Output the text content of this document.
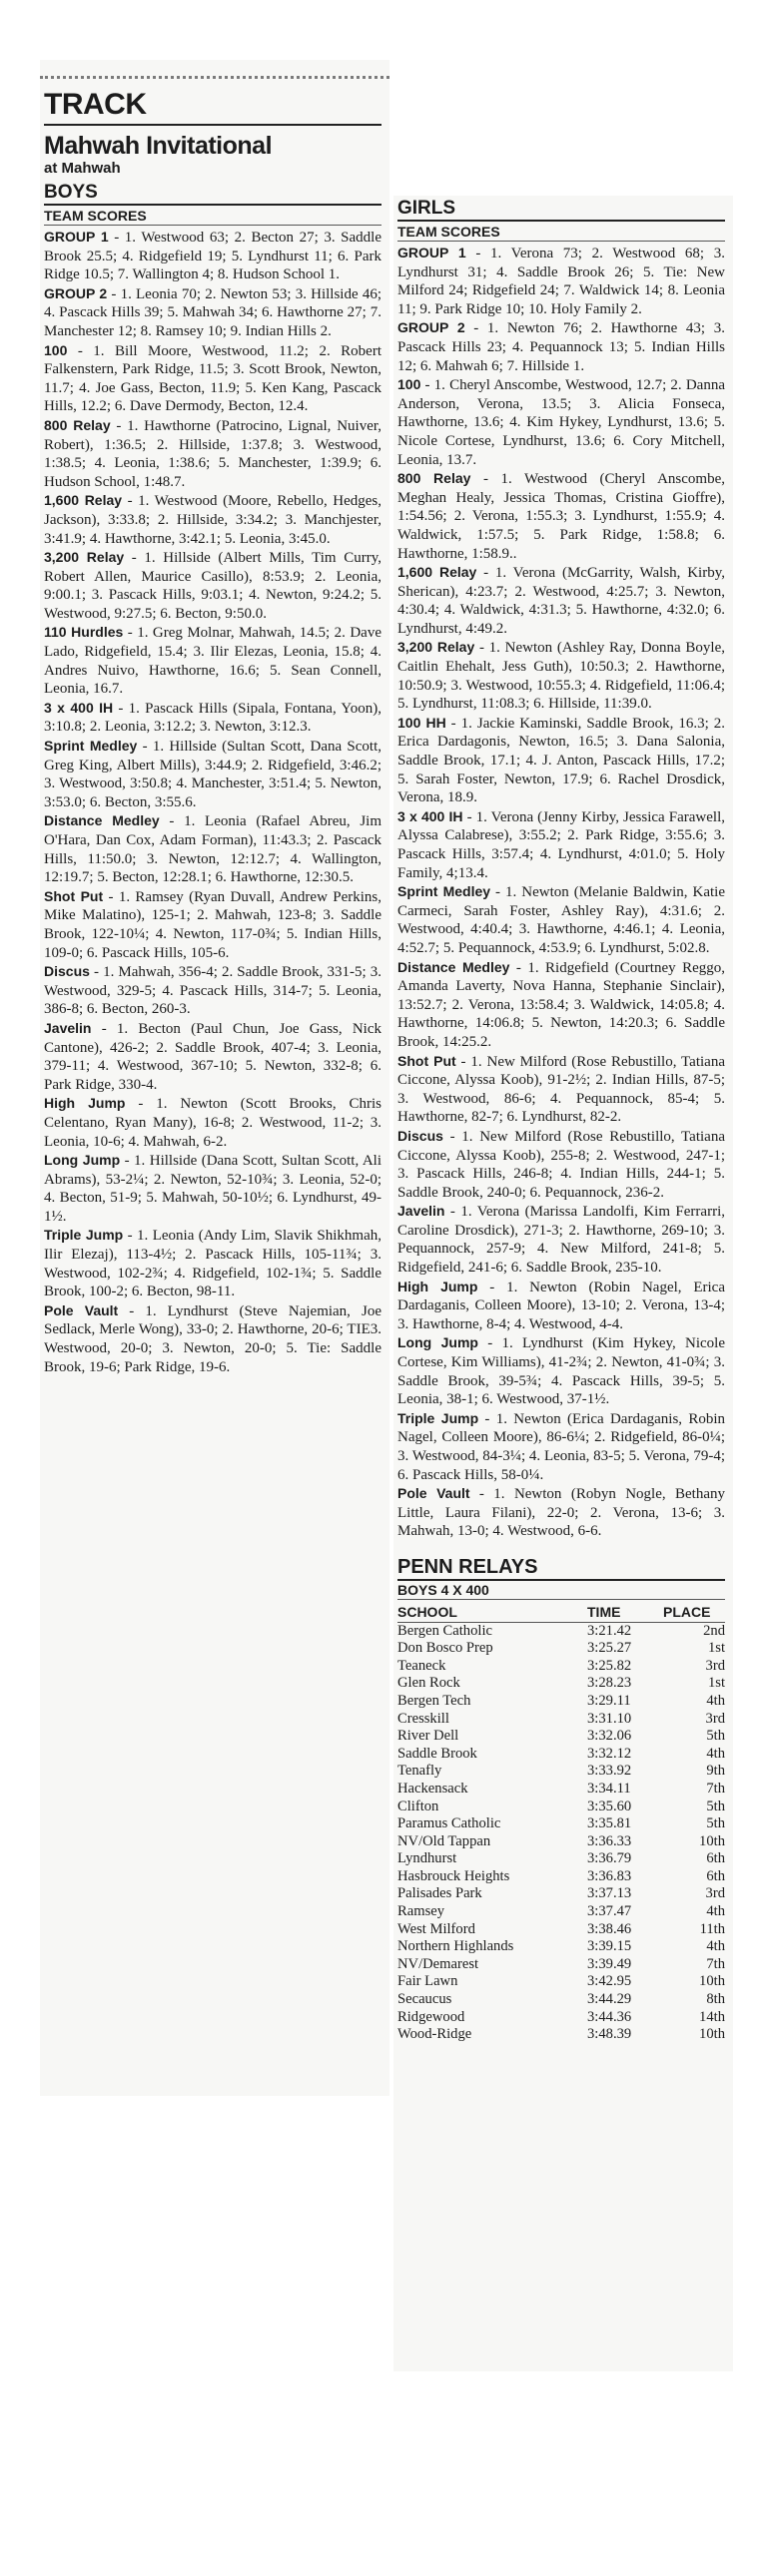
TRACK
Mahwah Invitational
at Mahwah
BOYS
TEAM SCORES

GROUP 1 - 1. Westwood 63; 2. Becton 27; 3. Saddle Brook 25.5; 4. Ridgefield 19; 5. Lyndhurst 11; 6. Park Ridge 10.5; 7. Wallington 4; 8. Hudson School 1.

GROUP 2 - 1. Leonia 70; 2. Newton 53; 3. Hillside 46; 4. Pascack Hills 39; 5. Mahwah 34; 6. Hawthorne 27; 7. Manchester 12; 8. Ramsey 10; 9. Indian Hills 2.

100 - 1. Bill Moore, Westwood, 11.2; 2. Robert Falkenstern, Park Ridge, 11.5; 3. Scott Brook, Newton, 11.7; 4. Joe Gass, Becton, 11.9; 5. Ken Kang, Pascack Hills, 12.2; 6. Dave Dermody, Becton, 12.4.

800 Relay - 1. Hawthorne (Patrocino, Lignal, Nuiver, Robert), 1:36.5; 2. Hillside, 1:37.8; 3. Westwood, 1:38.5; 4. Leonia, 1:38.6; 5. Manchester, 1:39.9; 6. Hudson School, 1:48.7.

1,600 Relay - 1. Westwood (Moore, Rebello, Hedges, Jackson), 3:33.8; 2. Hillside, 3:34.2; 3. Manchjester, 3:41.9; 4. Hawthorne, 3:42.1; 5. Leonia, 3:45.0.

3,200 Relay - 1. Hillside (Albert Mills, Tim Curry, Robert Allen, Maurice Casillo), 8:53.9; 2. Leonia, 9:00.1; 3. Pascack Hills, 9:03.1; 4. Newton, 9:24.2; 5. Westwood, 9:27.5; 6. Becton, 9:50.0.

110 Hurdles - 1. Greg Molnar, Mahwah, 14.5; 2. Dave Lado, Ridgefield, 15.4; 3. Ilir Elezas, Leonia, 15.8; 4. Andres Nuivo, Hawthorne, 16.6; 5. Sean Connell, Leonia, 16.7.

3 x 400 IH - 1. Pascack Hills (Sipala, Fontana, Yoon), 3:10.8; 2. Leonia, 3:12.2; 3. Newton, 3:12.3.

Sprint Medley - 1. Hillside (Sultan Scott, Dana Scott, Greg King, Albert Mills), 3:44.9; 2. Ridgefield, 3:46.2; 3. Westwood, 3:50.8; 4. Manchester, 3:51.4; 5. Newton, 3:53.0; 6. Becton, 3:55.6.

Distance Medley - 1. Leonia (Rafael Abreu, Jim O'Hara, Dan Cox, Adam Forman), 11:43.3; 2. Pascack Hills, 11:50.0; 3. Newton, 12:12.7; 4. Wallington, 12:19.7; 5. Becton, 12:28.1; 6. Hawthorne, 12:30.5.

Shot Put - 1. Ramsey (Ryan Duvall, Andrew Perkins, Mike Malatino), 125-1; 2. Mahwah, 123-8; 3. Saddle Brook, 122-10¼; 4. Newton, 117-0¾; 5. Indian Hills, 109-0; 6. Pascack Hills, 105-6.

Discus - 1. Mahwah, 356-4; 2. Saddle Brook, 331-5; 3. Westwood, 329-5; 4. Pascack Hills, 314-7; 5. Leonia, 386-8; 6. Becton, 260-3.

Javelin - 1. Becton (Paul Chun, Joe Gass, Nick Cantone), 426-2; 2. Saddle Brook, 407-4; 3. Leonia, 379-11; 4. Westwood, 367-10; 5. Newton, 332-8; 6. Park Ridge, 330-4.

High Jump - 1. Newton (Scott Brooks, Chris Celentano, Ryan Many), 16-8; 2. Westwood, 11-2; 3. Leonia, 10-6; 4. Mahwah, 6-2.

Long Jump - 1. Hillside (Dana Scott, Sultan Scott, Ali Abrams), 53-2¼; 2. Newton, 52-10¾; 3. Leonia, 52-0; 4. Becton, 51-9; 5. Mahwah, 50-10½; 6. Lyndhurst, 49-1½.

Triple Jump - 1. Leonia (Andy Lim, Slavik Shikhmah, Ilir Elezaj), 113-4½; 2. Pascack Hills, 105-11¾; 3. Westwood, 102-2¾; 4. Ridgefield, 102-1¾; 5. Saddle Brook, 100-2; 6. Becton, 98-11.

Pole Vault - 1. Lyndhurst (Steve Najemian, Joe Sedlack, Merle Wong), 33-0; 2. Hawthorne, 20-6; TIE3. Westwood, 20-0; 3. Newton, 20-0; 5. Tie: Saddle Brook, 19-6; Park Ridge, 19-6.

GIRLS
TEAM SCORES

GROUP 1 - 1. Verona 73; 2. Westwood 68; 3. Lyndhurst 31; 4. Saddle Brook 26; 5. Tie: New Milford 24; Ridgefield 24; 7. Waldwick 14; 8. Leonia 11; 9. Park Ridge 10; 10. Holy Family 2.

GROUP 2 - 1. Newton 76; 2. Hawthorne 43; 3. Pascack Hills 23; 4. Pequannock 13; 5. Indian Hills 12; 6. Mahwah 6; 7. Hillside 1.

100 - 1. Cheryl Anscombe, Westwood, 12.7; 2. Danna Anderson, Verona, 13.5; 3. Alicia Fonseca, Hawthorne, 13.6; 4. Kim Hykey, Lyndhurst, 13.6; 5. Nicole Cortese, Lyndhurst, 13.6; 6. Cory Mitchell, Leonia, 13.7.

800 Relay - 1. Westwood (Cheryl Anscombe, Meghan Healy, Jessica Thomas, Cristina Gioffre), 1:54.56; 2. Verona, 1:55.3; 3. Lyndhurst, 1:55.9; 4. Waldwick, 1:57.5; 5. Park Ridge, 1:58.8; 6. Hawthorne, 1:58.9..

1,600 Relay - 1. Verona (McGarrity, Walsh, Kirby, Sherican), 4:23.7; 2. Westwood, 4:25.7; 3. Newton, 4:30.4; 4. Waldwick, 4:31.3; 5. Hawthorne, 4:32.0; 6. Lyndhurst, 4:49.2.

3,200 Relay - 1. Newton (Ashley Ray, Donna Boyle, Caitlin Ehehalt, Jess Guth), 10:50.3; 2. Hawthorne, 10:50.9; 3. Westwood, 10:55.3; 4. Ridgefield, 11:06.4; 5. Lyndhurst, 11:08.3; 6. Hillside, 11:39.0.

100 HH - 1. Jackie Kaminski, Saddle Brook, 16.3; 2. Erica Dardagonis, Newton, 16.5; 3. Dana Salonia, Saddle Brook, 17.1; 4. J. Anton, Pascack Hills, 17.2; 5. Sarah Foster, Newton, 17.9; 6. Rachel Drosdick, Verona, 18.9.

3 x 400 IH - 1. Verona (Jenny Kirby, Jessica Farawell, Alyssa Calabrese), 3:55.2; 2. Park Ridge, 3:55.6; 3. Pascack Hills, 3:57.4; 4. Lyndhurst, 4:01.0; 5. Holy Family, 4;13.4.

Sprint Medley - 1. Newton (Melanie Baldwin, Katie Carmeci, Sarah Foster, Ashley Ray), 4:31.6; 2. Westwood, 4:40.4; 3. Hawthorne, 4:46.1; 4. Leonia, 4:52.7; 5. Pequannock, 4:53.9; 6. Lyndhurst, 5:02.8.

Distance Medley - 1. Ridgefield (Courtney Reggo, Amanda Laverty, Nova Hanna, Stephanie Sinclair), 13:52.7; 2. Verona, 13:58.4; 3. Waldwick, 14:05.8; 4. Hawthorne, 14:06.8; 5. Newton, 14:20.3; 6. Saddle Brook, 14:25.2.

Shot Put - 1. New Milford (Rose Rebustillo, Tatiana Ciccone, Alyssa Koob), 91-2½; 2. Indian Hills, 87-5; 3. Westwood, 86-6; 4. Pequannock, 85-4; 5. Hawthorne, 82-7; 6. Lyndhurst, 82-2.

Discus - 1. New Milford (Rose Rebustillo, Tatiana Ciccone, Alyssa Koob), 255-8; 2. Westwood, 247-1; 3. Pascack Hills, 246-8; 4. Indian Hills, 244-1; 5. Saddle Brook, 240-0; 6. Pequannock, 236-2.

Javelin - 1. Verona (Marissa Landolfi, Kim Ferrarri, Caroline Drosdick), 271-3; 2. Hawthorne, 269-10; 3. Pequannock, 257-9; 4. New Milford, 241-8; 5. Ridgefield, 241-6; 6. Saddle Brook, 235-10.

High Jump - 1. Newton (Robin Nagel, Erica Dardaganis, Colleen Moore), 13-10; 2. Verona, 13-4; 3. Hawthorne, 8-4; 4. Westwood, 4-4.

Long Jump - 1. Lyndhurst (Kim Hykey, Nicole Cortese, Kim Williams), 41-2¾; 2. Newton, 41-0¾; 3. Saddle Brook, 39-5¾; 4. Pascack Hills, 39-5; 5. Leonia, 38-1; 6. Westwood, 37-1½.

Triple Jump - 1. Newton (Erica Dardaganis, Robin Nagel, Colleen Moore), 86-6¼; 2. Ridgefield, 86-0¼; 3. Westwood, 84-3¼; 4. Leonia, 83-5; 5. Verona, 79-4; 6. Pascack Hills, 58-0¼.

Pole Vault - 1. Newton (Robyn Nogle, Bethany Little, Laura Filani), 22-0; 2. Verona, 13-6; 3. Mahwah, 13-0; 4. Westwood, 6-6.

PENN RELAYS
BOYS 4 X 400
SCHOOL	TIME	PLACE
Bergen Catholic	3:21.42	2nd
Don Bosco Prep	3:25.27	1st
Teaneck	3:25.82	3rd
Glen Rock	3:28.23	1st
Bergen Tech	3:29.11	4th
Cresskill	3:31.10	3rd
River Dell	3:32.06	5th
Saddle Brook	3:32.12	4th
Tenafly	3:33.92	9th
Hackensack	3:34.11	7th
Clifton	3:35.60	5th
Paramus Catholic	3:35.81	5th
NV/Old Tappan	3:36.33	10th
Lyndhurst	3:36.79	6th
Hasbrouck Heights	3:36.83	6th
Palisades Park	3:37.13	3rd
Ramsey	3:37.47	4th
West Milford	3:38.46	11th
Northern Highlands	3:39.15	4th
NV/Demarest	3:39.49	7th
Fair Lawn	3:42.95	10th
Secaucus	3:44.29	8th
Ridgewood	3:44.36	14th
Wood-Ridge	3:48.39	10th
